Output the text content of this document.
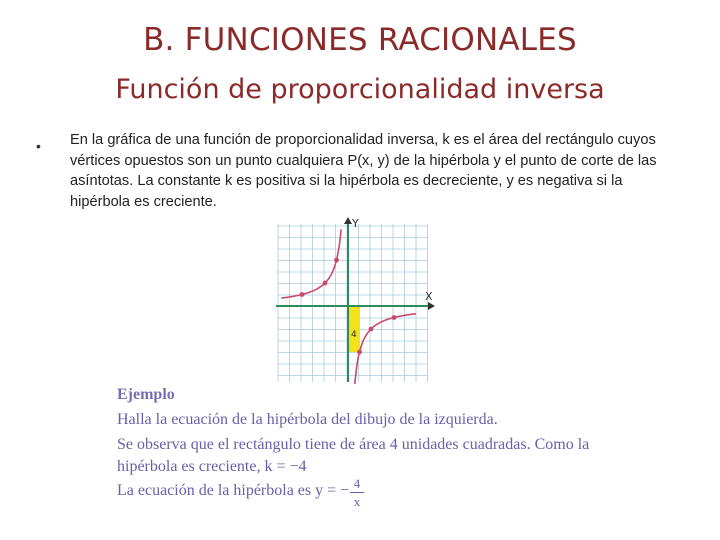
B. FUNCIONES RACIONALES
Función de proporcionalidad inversa
• En la gráfica de una función de proporcionalidad inversa, k es el área del rectángulo cuyos vértices opuestos son un punto cualquiera P(x, y) de la hipérbola y el punto de corte de las asíntotas. La constante k es positiva si la hipérbola es decreciente, y es negativa si la hipérbola es creciente.
Y
X
4
Ejemplo
Halla la ecuación de la hipérbola del dibujo de la izquierda.
Se observa que el rectángulo tiene de área 4 unidades cuadradas. Como la
hipérbola es creciente, k = −4
La ecuación de la hipérbola es y = − 4
x
